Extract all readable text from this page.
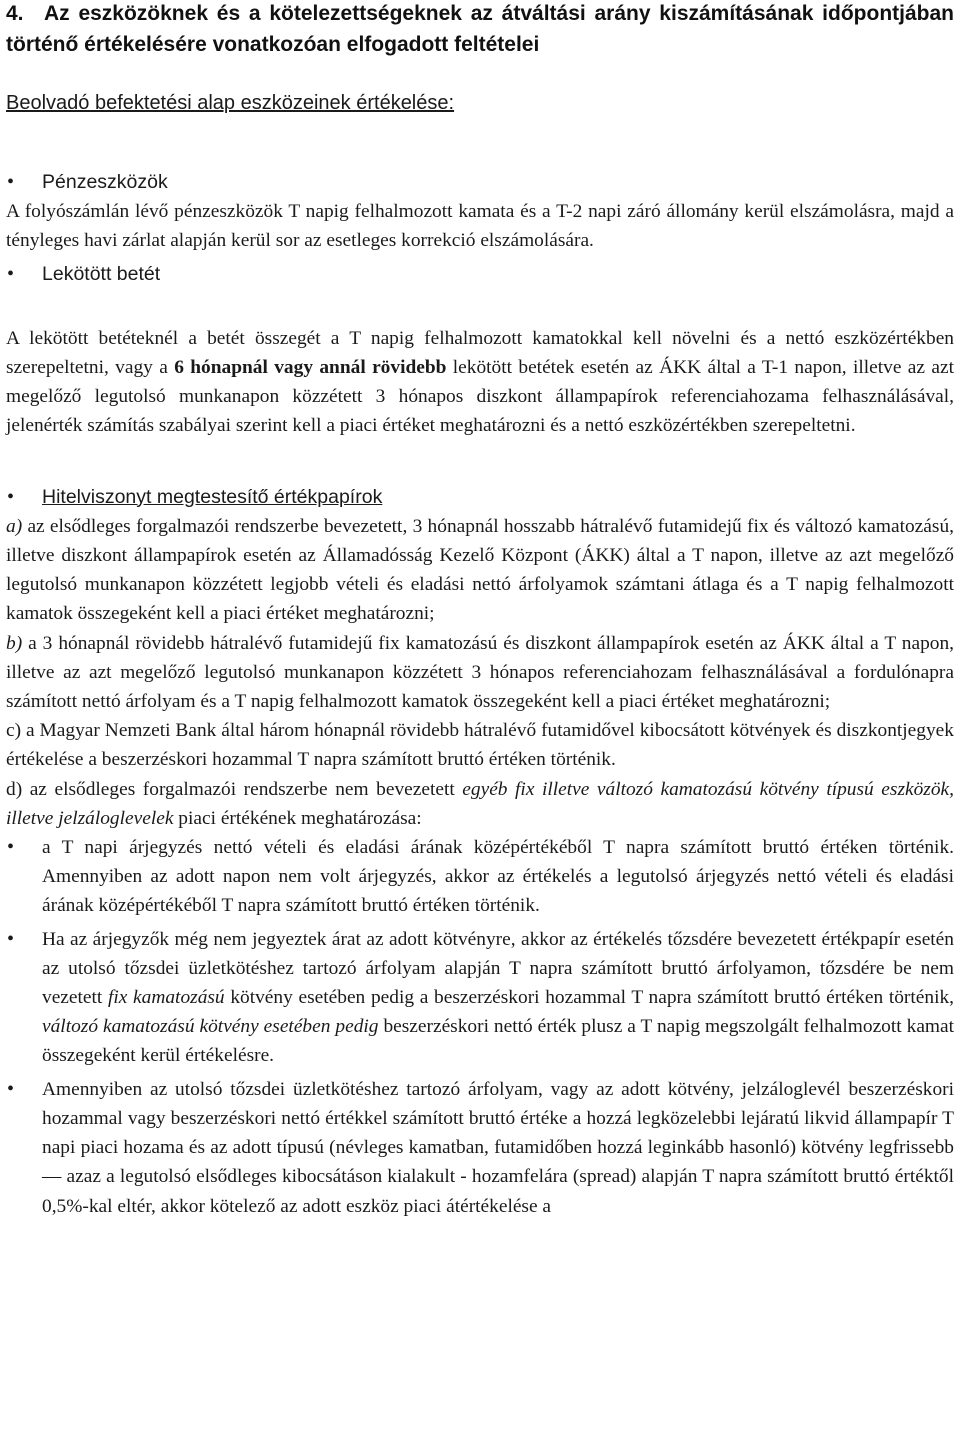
4. Az eszközöknek és a kötelezettségeknek az átváltási arány kiszámításának időpontjában történő értékelésére vonatkozóan elfogadott feltételei
Beolvadó befektetési alap eszközeinek értékelése:
• Pénzeszközök

A folyószámlán lévő pénzeszközök T napig felhalmozott kamata és a T-2 napi záró állomány kerül elszámolásra, majd a tényleges havi zárlat alapján kerül sor az esetleges korrekció elszámolására.

• Lekötött betét

A lekötött betéteknél a betét összegét a T napig felhalmozott kamatokkal kell növelni és a nettó eszközértékben szerepeltetni, vagy a 6 hónapnál vagy annál rövidebb lekötött betétek esetén az ÁKK által a T-1 napon, illetve az azt megelőző legutolsó munkanapon közzétett 3 hónapos diszkont állampapírok referenciahozama felhasználásával, jelenérték számítás szabályai szerint kell a piaci értéket meghatározni és a nettó eszközértékben szerepeltetni.

• Hitelviszonyt megtestesítő értékpapírok

a) az elsődleges forgalmazói rendszerbe bevezetett, 3 hónapnál hosszabb hátralévő futamidejű fix és változó kamatozású, illetve diszkont állampapírok esetén az Államadósság Kezelő Központ (ÁKK) által a T napon, illetve az azt megelőző legutolsó munkanapon közzétett legjobb vételi és eladási nettó árfolyamok számtani átlaga és a T napig felhalmozott kamatok összegeként kell a piaci értéket meghatározni;

b) a 3 hónapnál rövidebb hátralévő futamidejű fix kamatozású és diszkont állampapírok esetén az ÁKK által a T napon, illetve az azt megelőző legutolsó munkanapon közzétett 3 hónapos referenciahozam felhasználásával a fordulónapra számított nettó árfolyam és a T napig felhalmozott kamatok összegeként kell a piaci értéket meghatározni;

c) a Magyar Nemzeti Bank által három hónapnál rövidebb hátralévő futamidővel kibocsátott kötvények és diszkontjegyek értékelése a beszerzéskori hozammal T napra számított bruttó értéken történik.

d) az elsődleges forgalmazói rendszerbe nem bevezetett egyéb fix illetve változó kamatozású kötvény típusú eszközök, illetve jelzáloglevelek piaci értékének meghatározása:

• a T napi árjegyzés nettó vételi és eladási árának középértékéből T napra számított bruttó értéken történik. Amennyiben az adott napon nem volt árjegyzés, akkor az értékelés a legutolsó árjegyzés nettó vételi és eladási árának középértékéből T napra számított bruttó értéken történik.
• Ha az árjegyzők még nem jegyeztek árat az adott kötvényre, akkor az értékelés tőzsdére bevezetett értékpapír esetén az utolsó tőzsdei üzletkötéshez tartozó árfolyam alapján T napra számított bruttó árfolyamon, tőzsdére be nem vezetett fix kamatozású kötvény esetében pedig a beszerzéskori hozammal T napra számított bruttó értéken történik, változó kamatozású kötvény esetében pedig beszerzéskori nettó érték plusz a T napig megszolgált felhalmozott kamat összegeként kerül értékelésre.
• Amennyiben az utolsó tőzsdei üzletkötéshez tartozó árfolyam, vagy az adott kötvény, jelzáloglevél beszerzéskori hozammal vagy beszerzéskori nettó értékkel számított bruttó értéke a hozzá legközelebbi lejáratú likvid állampapír T napi piaci hozama és az adott típusú (névleges kamatban, futamidőben hozzá leginkább hasonló) kötvény legfrissebb — azaz a legutolsó elsődleges kibocsátáson kialakult - hozamfelára (spread) alapján T napra számított bruttó értéktől 0,5%-kal eltér, akkor kötelező az adott eszköz piaci átértékelése a
